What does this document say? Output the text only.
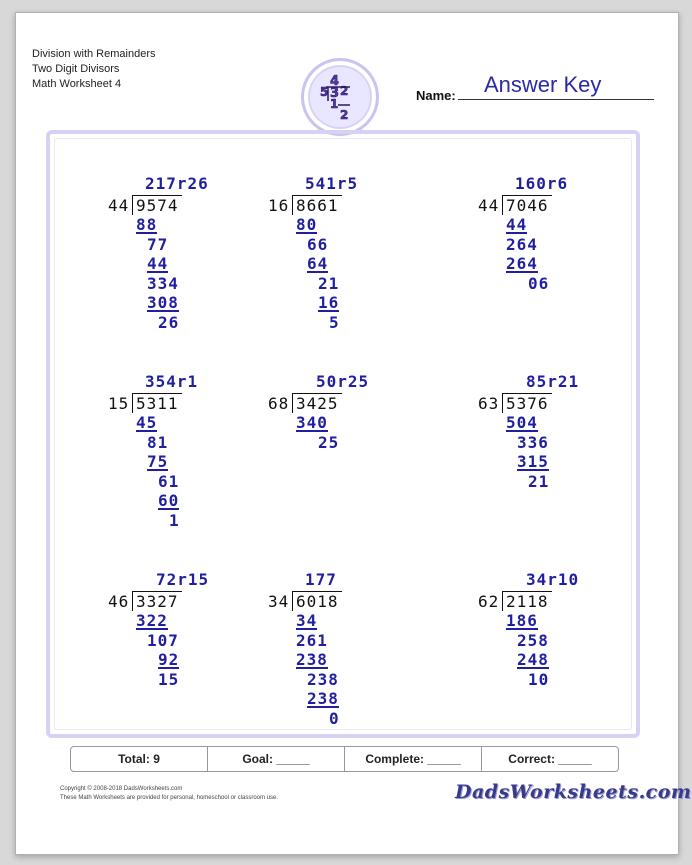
Division with Remainders
Two Digit Divisors
Math Worksheet 4	4
5 3 2
1
2
Name: Answer Key
217r26
44 9574
88
77
44
334
308
26
541r5
16 8661
80
66
64
21
16
5
160r6
44 7046
44
264
264
06
354r1
15 5311
45
81
75
61
60
1
50r25
68 3425
340
25
85r21
63 5376
504
336
315
21
72r15
46 3327
322
107
92
15
177
34 6018
34
261
238
238
238
0
34r10
62 2118
186
258
248
10
Total: 9	Goal: _____	Complete: _____	Correct: _____
Copyright © 2008-2018 DadsWorksheets.com
These Math Worksheets are provided for personal, homeschool or classroom use.	DadsWorksheets.com
